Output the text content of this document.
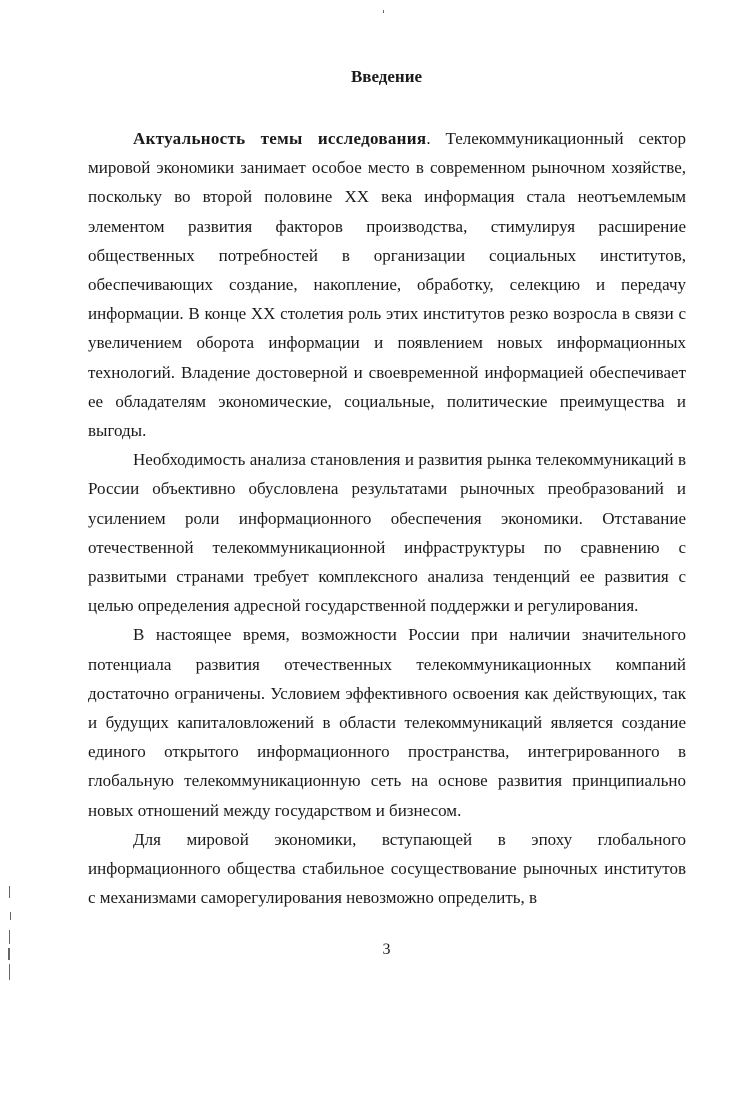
Введение

Актуальность темы исследования. Телекоммуникационный сектор мировой экономики занимает особое место в современном рыночном хозяйстве, поскольку во второй половине XX века информация стала неотъемлемым элементом развития факторов производства, стимулируя расширение общественных потребностей в организации социальных институтов, обеспечивающих создание, накопление, обработку, селекцию и передачу информации. В конце XX столетия роль этих институтов резко возросла в связи с увеличением оборота информации и появлением новых информационных технологий. Владение достоверной и своевременной информацией обеспечивает ее обладателям экономические, социальные, политические преимущества и выгоды.

Необходимость анализа становления и развития рынка телекоммуникаций в России объективно обусловлена результатами рыночных преобразований и усилением роли информационного обеспечения экономики. Отставание отечественной телекоммуникационной инфраструктуры по сравнению с развитыми странами требует комплексного анализа тенденций ее развития с целью определения адресной государственной поддержки и регулирования.

В настоящее время, возможности России при наличии значительного потенциала развития отечественных телекоммуникационных компаний достаточно ограничены. Условием эффективного освоения как действующих, так и будущих капиталовложений в области телекоммуникаций является создание единого открытого информационного пространства, интегрированного в глобальную телекоммуникационную сеть на основе развития принципиально новых отношений между государством и бизнесом.

Для мировой экономики, вступающей в эпоху глобального информационного общества стабильное сосуществование рыночных институтов с механизмами саморегулирования невозможно определить, в

3
